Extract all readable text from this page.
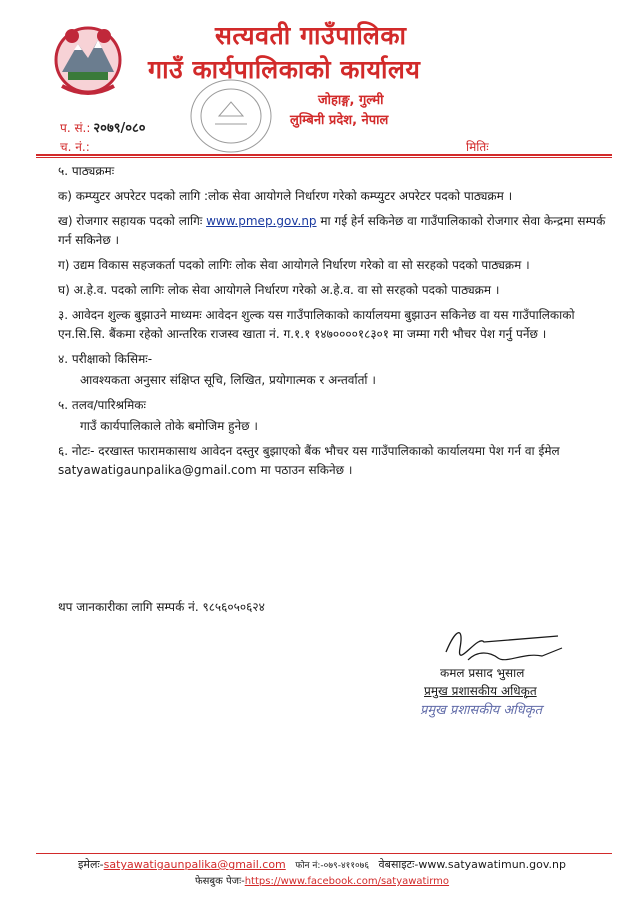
सत्यवती गाउँपालिका
गाउँ कार्यपालिकाको कार्यालय
जोहाङ्ग, गुल्मी
लुम्बिनी प्रदेश, नेपाल
प. सं.: २०७९/०८०
च. नं.:	मितिः

५. पाठ्यक्रमः

क) कम्प्युटर अपरेटर पदको लागि :लोक सेवा आयोगले निर्धारण गरेको कम्प्युटर अपरेटर पदको पाठ्यक्रम ।

ख) रोजगार सहायक पदको लागिः www.pmep.gov.np मा गई हेर्न सकिनेछ वा गाउँपालिकाको रोजगार सेवा केन्द्रमा सम्पर्क गर्न सकिनेछ ।

ग) उद्यम विकास सहजकर्ता पदको लागिः लोक सेवा आयोगले निर्धारण गरेको वा सो सरहको पदको पाठ्यक्रम ।

घ) अ.हे.व. पदको लागिः लोक सेवा आयोगले निर्धारण गरेको अ.हे.व. वा सो सरहको पदको पाठ्यक्रम ।

३. आवेदन शुल्क बुझाउने माध्यमः आवेदन शुल्क यस गाउँपालिकाको कार्यालयमा बुझाउन सकिनेछ वा यस गाउँपालिकाको एन.सि.सि. बैंकमा रहेको आन्तरिक राजस्व खाता नं. ग.१.१ १४७००००१८३०१ मा जम्मा गरी भौचर पेश गर्नु पर्नेछ ।

४. परीक्षाको किसिमः-

आवश्यकता अनुसार संक्षिप्त सूचि, लिखित, प्रयोगात्मक र अन्तर्वार्ता ।

५. तलव/पारिश्रमिकः

गाउँ कार्यपालिकाले तोके बमोजिम हुनेछ ।

६. नोटः- दरखास्त फारामकासाथ आवेदन दस्तुर बुझाएको बैंक भौचर यस गाउँपालिकाको कार्यालयमा पेश गर्न वा ईमेल satyawatigaunpalika@gmail.com मा पठाउन सकिनेछ ।

थप जानकारीका लागि सम्पर्क नं. ९८५६०५०६२४
कमल प्रसाद भुसाल
प्रमुख प्रशासकीय अधिकृत
प्रमुख प्रशासकीय अधिकृत
इमेलः-satyawatigaunpalika@gmail.com फोन नं:-०७९-४११०७६ वेबसाइटः-www.satyawatimun.gov.np
फेसबुक पेजः-https://www.facebook.com/satyawatirmo
